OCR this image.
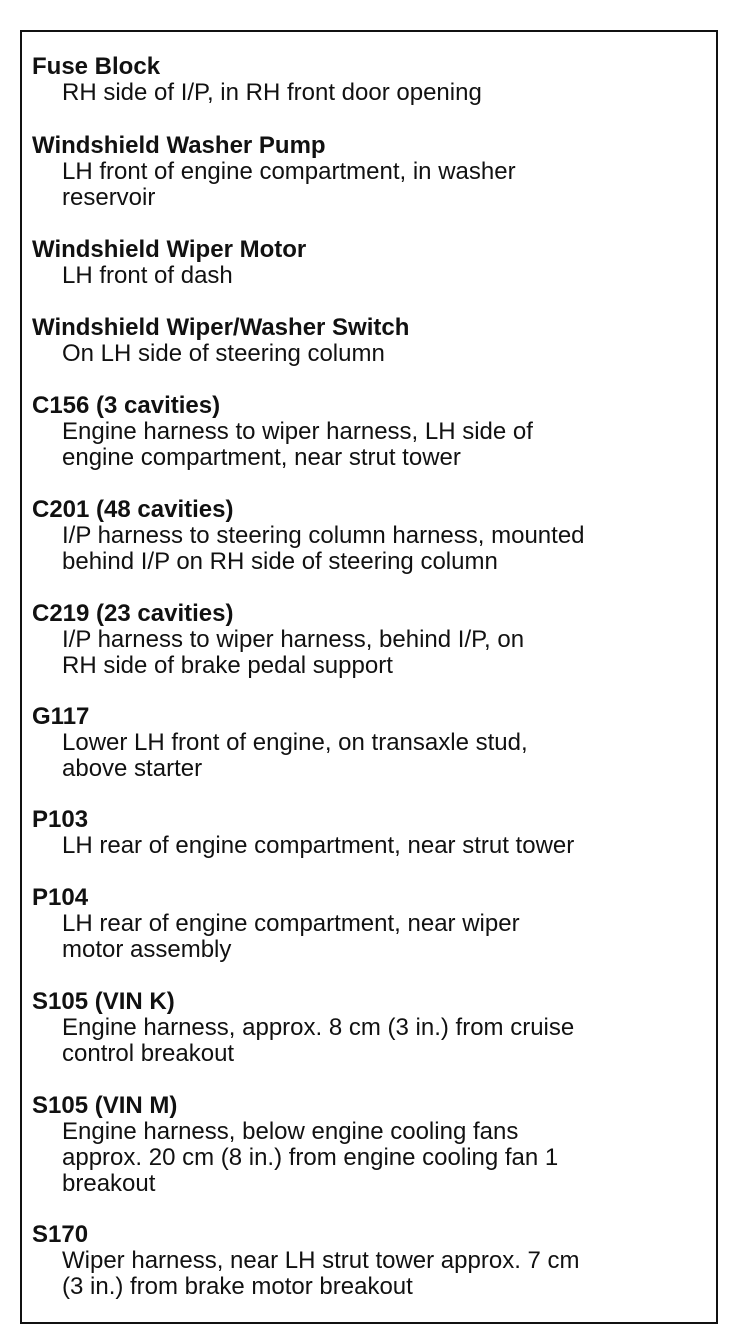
Fuse Block
RH side of I/P, in RH front door opening
Windshield Washer Pump
LH front of engine compartment, in washer
reservoir
Windshield Wiper Motor
LH front of dash
Windshield Wiper/Washer Switch
On LH side of steering column
C156 (3 cavities)
Engine harness to wiper harness, LH side of
engine compartment, near strut tower
C201 (48 cavities)
I/P harness to steering column harness, mounted
behind I/P on RH side of steering column
C219 (23 cavities)
I/P harness to wiper harness, behind I/P, on
RH side of brake pedal support
G117
Lower LH front of engine, on transaxle stud,
above starter
P103
LH rear of engine compartment, near strut tower
P104
LH rear of engine compartment, near wiper
motor assembly
S105 (VIN K)
Engine harness, approx. 8 cm (3 in.) from cruise
control breakout
S105 (VIN M)
Engine harness, below engine cooling fans
approx. 20 cm (8 in.) from engine cooling fan 1
breakout
S170
Wiper harness, near LH strut tower approx. 7 cm
(3 in.) from brake motor breakout
